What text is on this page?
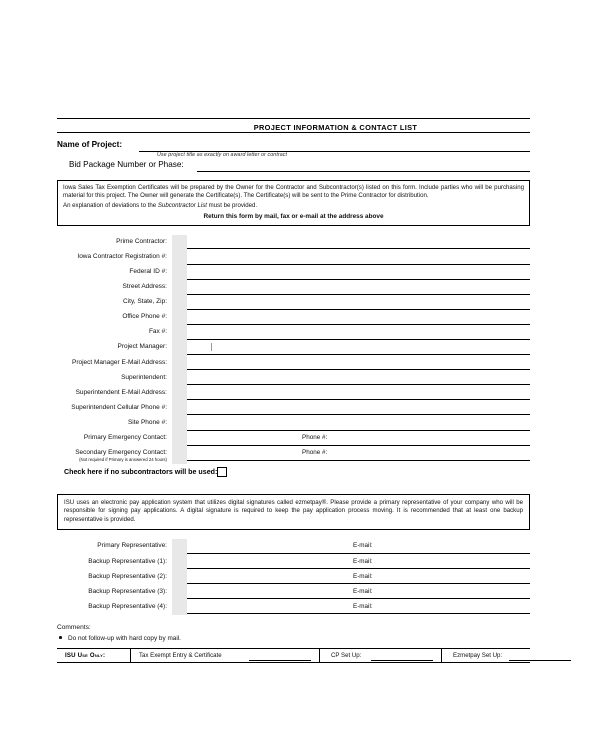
PROJECT INFORMATION & CONTACT LIST
Name of Project:
Use project title as exactly on award letter or contract
Bid Package Number or Phase:

Iowa Sales Tax Exemption Certificates will be prepared by the Owner for the Contractor and Subcontractor(s) listed on this form. Include parties who will be purchasing material for this project. The Owner will generate the Certificate(s). The Certificate(s) will be sent to the Prime Contractor for distribution.

An explanation of deviations to the Subcontractor List must be provided.

Return this form by mail, fax or e-mail at the address above

Prime Contractor:
Iowa Contractor Registration #:
Federal ID #:
Street Address:
City, State, Zip:
Office Phone #:
Fax #:
Project Manager:
Project Manager E-Mail Address:
Superintendent:
Superintendent E-Mail Address:
Superintendent Cellular Phone #:
Site Phone #:
Primary Emergency Contact:	Phone #:
Secondary Emergency Contact:
(Not required if Primary is answered 24 hours)
Phone #:
Check here if no subcontractors will be used:

ISU uses an electronic pay application system that utilizes digital signatures called ezmetpay®. Please provide a primary representative of your company who will be responsible for signing pay applications. A digital signature is required to keep the pay application process moving. It is recommended that at least one backup representative is provided.

Primary Representative:	E-mail:
Backup Representative (1):	E-mail:
Backup Representative (2):	E-mail:
Backup Representative (3):	E-mail:
Backup Representative (4):	E-mail:
Comments:
Do not follow-up with hard copy by mail.
ISU Use Only:	Tax Exempt Entry & Certificate	CP Set Up:	Ezmetpay Set Up:
